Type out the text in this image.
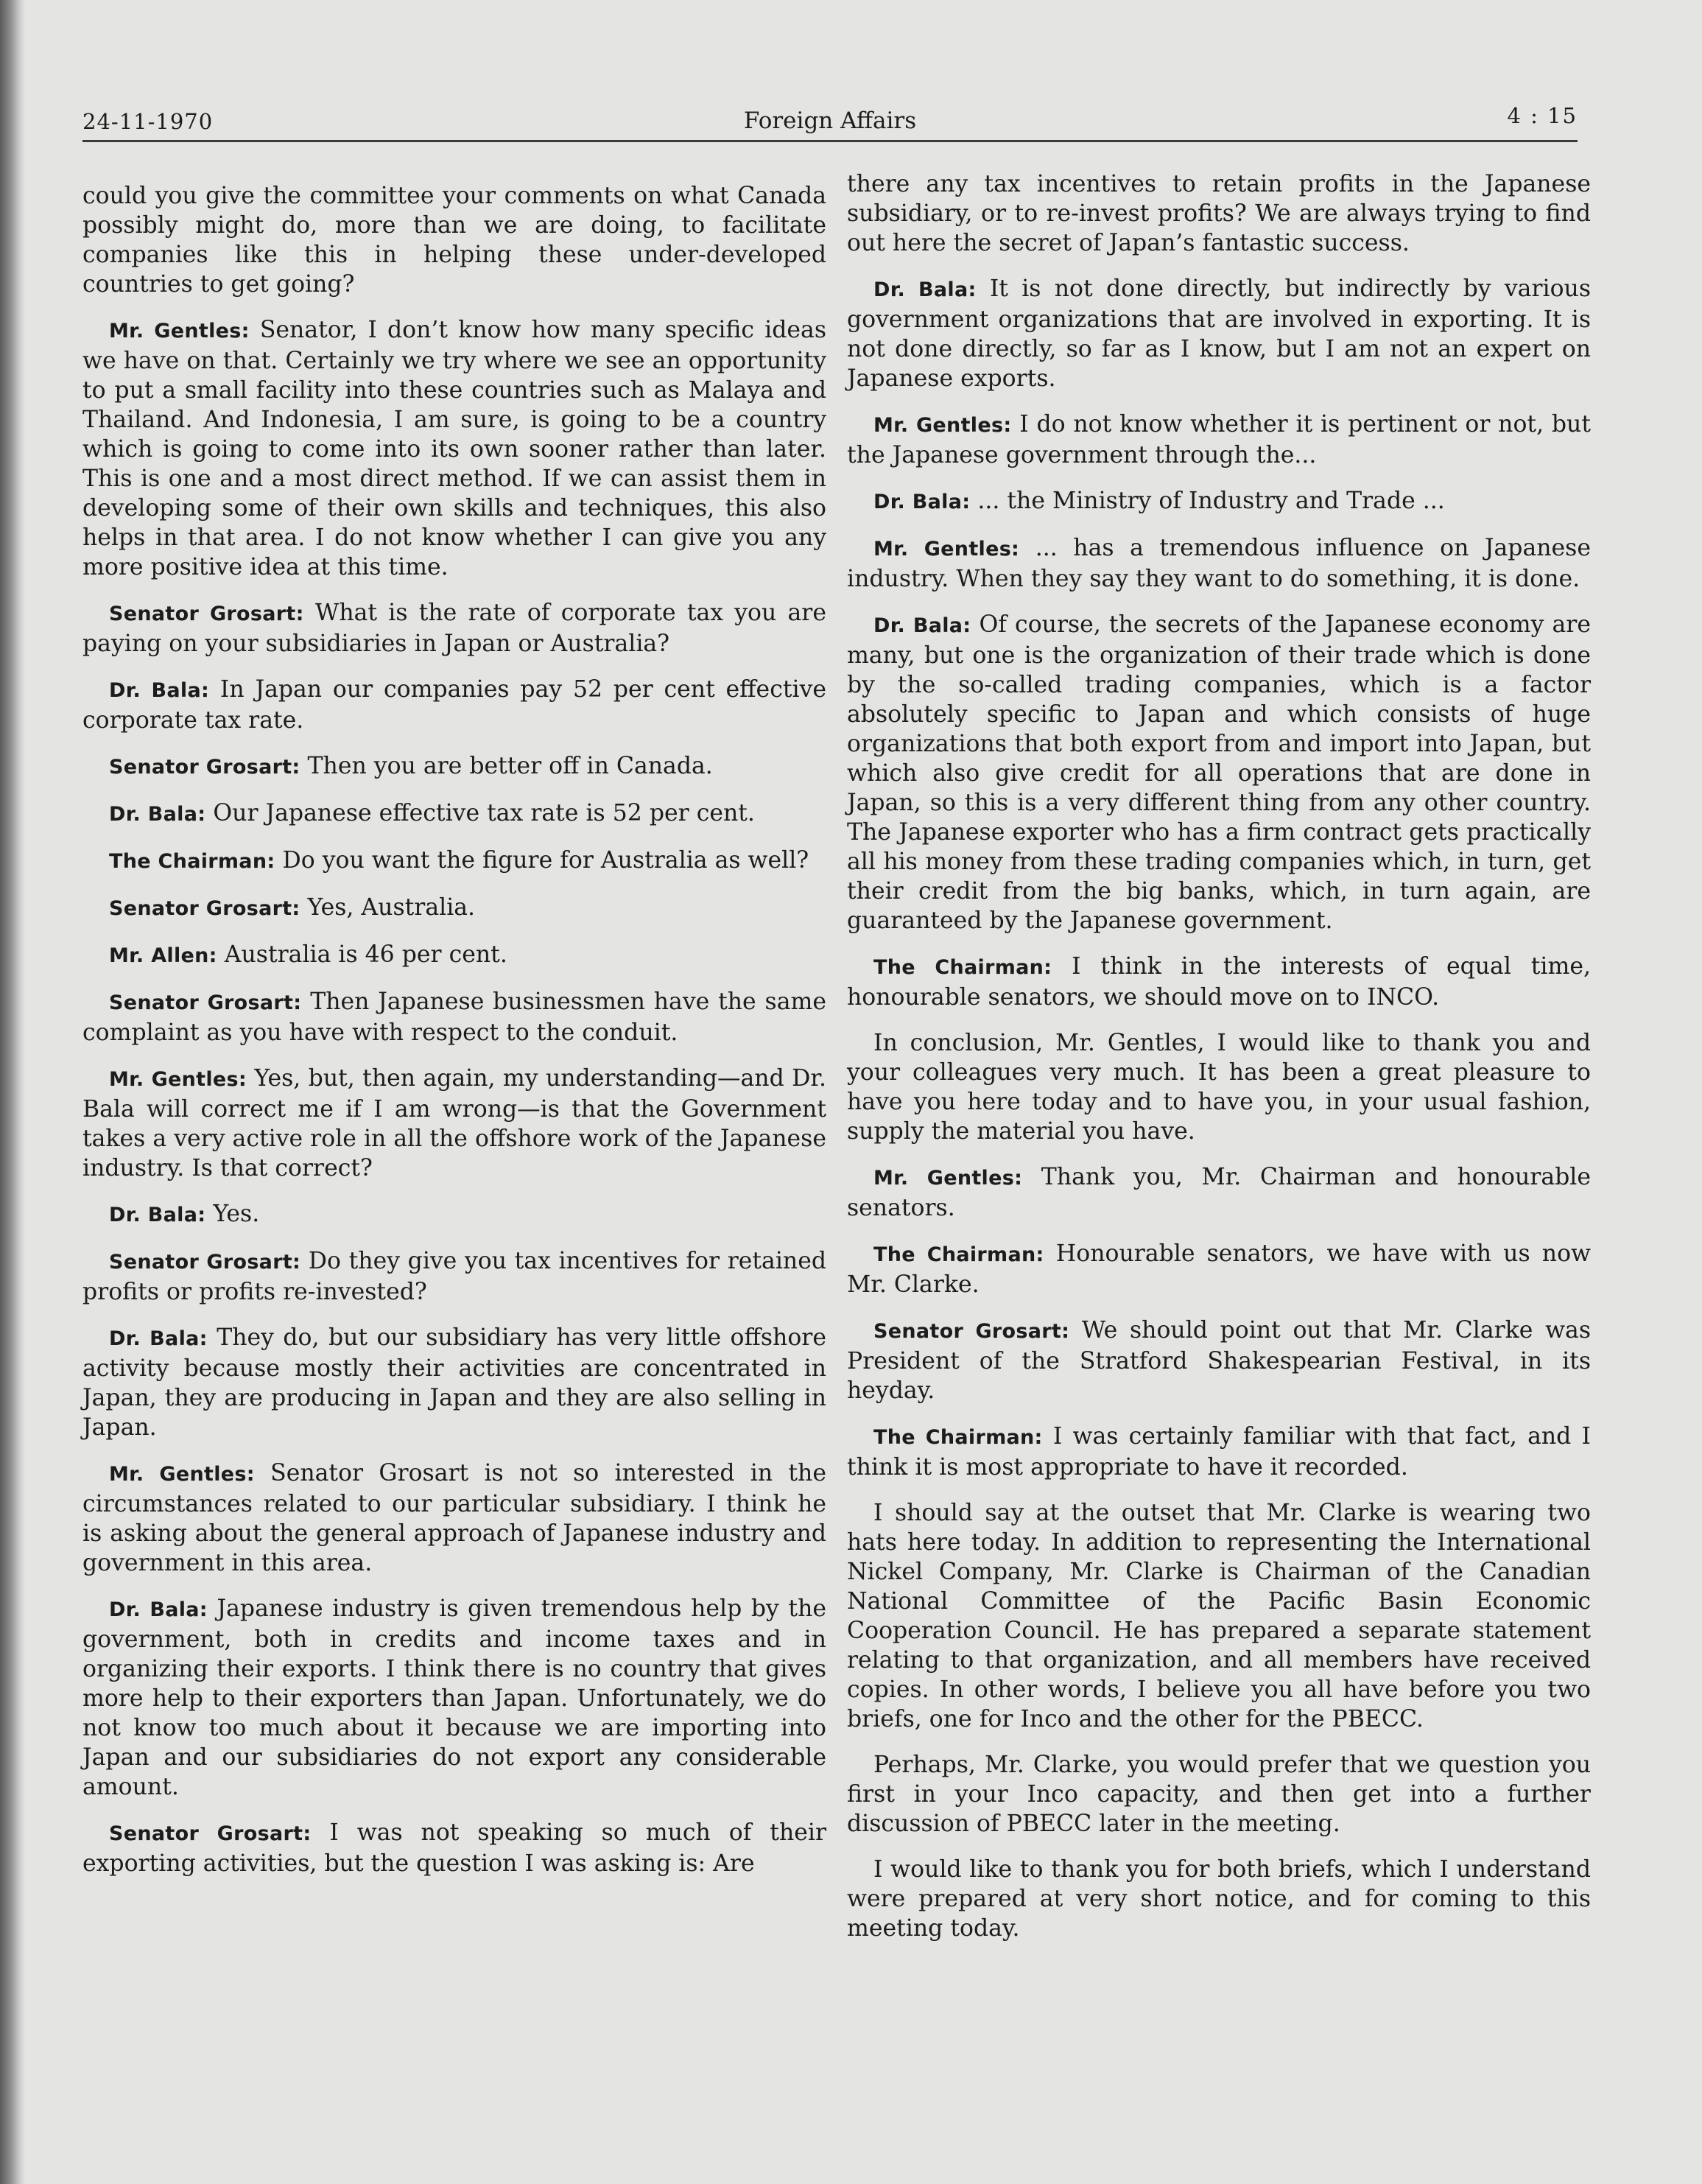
24-11-1970	Foreign Affairs	4 : 15

could you give the committee your comments on what Canada possibly might do, more than we are doing, to facilitate companies like this in helping these under-developed countries to get going?

Mr. Gentles: Senator, I don’t know how many specific ideas we have on that. Certainly we try where we see an opportunity to put a small facility into these countries such as Malaya and Thailand. And Indonesia, I am sure, is going to be a country which is going to come into its own sooner rather than later. This is one and a most direct method. If we can assist them in developing some of their own skills and techniques, this also helps in that area. I do not know whether I can give you any more positive idea at this time.

Senator Grosart: What is the rate of corporate tax you are paying on your subsidiaries in Japan or Australia?

Dr. Bala: In Japan our companies pay 52 per cent effective corporate tax rate.

Senator Grosart: Then you are better off in Canada.

Dr. Bala: Our Japanese effective tax rate is 52 per cent.

The Chairman: Do you want the figure for Australia as well?

Senator Grosart: Yes, Australia.

Mr. Allen: Australia is 46 per cent.

Senator Grosart: Then Japanese businessmen have the same complaint as you have with respect to the conduit.

Mr. Gentles: Yes, but, then again, my understanding—and Dr. Bala will correct me if I am wrong—is that the Government takes a very active role in all the offshore work of the Japanese industry. Is that correct?

Dr. Bala: Yes.

Senator Grosart: Do they give you tax incentives for retained profits or profits re-invested?

Dr. Bala: They do, but our subsidiary has very little offshore activity because mostly their activities are concentrated in Japan, they are producing in Japan and they are also selling in Japan.

Mr. Gentles: Senator Grosart is not so interested in the circumstances related to our particular subsidiary. I think he is asking about the general approach of Japanese industry and government in this area.

Dr. Bala: Japanese industry is given tremendous help by the government, both in credits and income taxes and in organizing their exports. I think there is no country that gives more help to their exporters than Japan. Unfortunately, we do not know too much about it because we are importing into Japan and our subsidiaries do not export any considerable amount.

Senator Grosart: I was not speaking so much of their exporting activities, but the question I was asking is: Are

there any tax incentives to retain profits in the Japanese subsidiary, or to re-invest profits? We are always trying to find out here the secret of Japan’s fantastic success.

Dr. Bala: It is not done directly, but indirectly by various government organizations that are involved in exporting. It is not done directly, so far as I know, but I am not an expert on Japanese exports.

Mr. Gentles: I do not know whether it is pertinent or not, but the Japanese government through the...

Dr. Bala: ... the Ministry of Industry and Trade ...

Mr. Gentles: ... has a tremendous influence on Japanese industry. When they say they want to do something, it is done.

Dr. Bala: Of course, the secrets of the Japanese economy are many, but one is the organization of their trade which is done by the so-called trading companies, which is a factor absolutely specific to Japan and which consists of huge organizations that both export from and import into Japan, but which also give credit for all operations that are done in Japan, so this is a very different thing from any other country. The Japanese exporter who has a firm contract gets practically all his money from these trading companies which, in turn, get their credit from the big banks, which, in turn again, are guaranteed by the Japanese government.

The Chairman: I think in the interests of equal time, honourable senators, we should move on to INCO.

In conclusion, Mr. Gentles, I would like to thank you and your colleagues very much. It has been a great pleasure to have you here today and to have you, in your usual fashion, supply the material you have.

Mr. Gentles: Thank you, Mr. Chairman and honourable senators.

The Chairman: Honourable senators, we have with us now Mr. Clarke.

Senator Grosart: We should point out that Mr. Clarke was President of the Stratford Shakespearian Festival, in its heyday.

The Chairman: I was certainly familiar with that fact, and I think it is most appropriate to have it recorded.

I should say at the outset that Mr. Clarke is wearing two hats here today. In addition to representing the International Nickel Company, Mr. Clarke is Chairman of the Canadian National Committee of the Pacific Basin Economic Cooperation Council. He has prepared a separate statement relating to that organization, and all members have received copies. In other words, I believe you all have before you two briefs, one for Inco and the other for the PBECC.

Perhaps, Mr. Clarke, you would prefer that we question you first in your Inco capacity, and then get into a further discussion of PBECC later in the meeting.

I would like to thank you for both briefs, which I understand were prepared at very short notice, and for coming to this meeting today.
